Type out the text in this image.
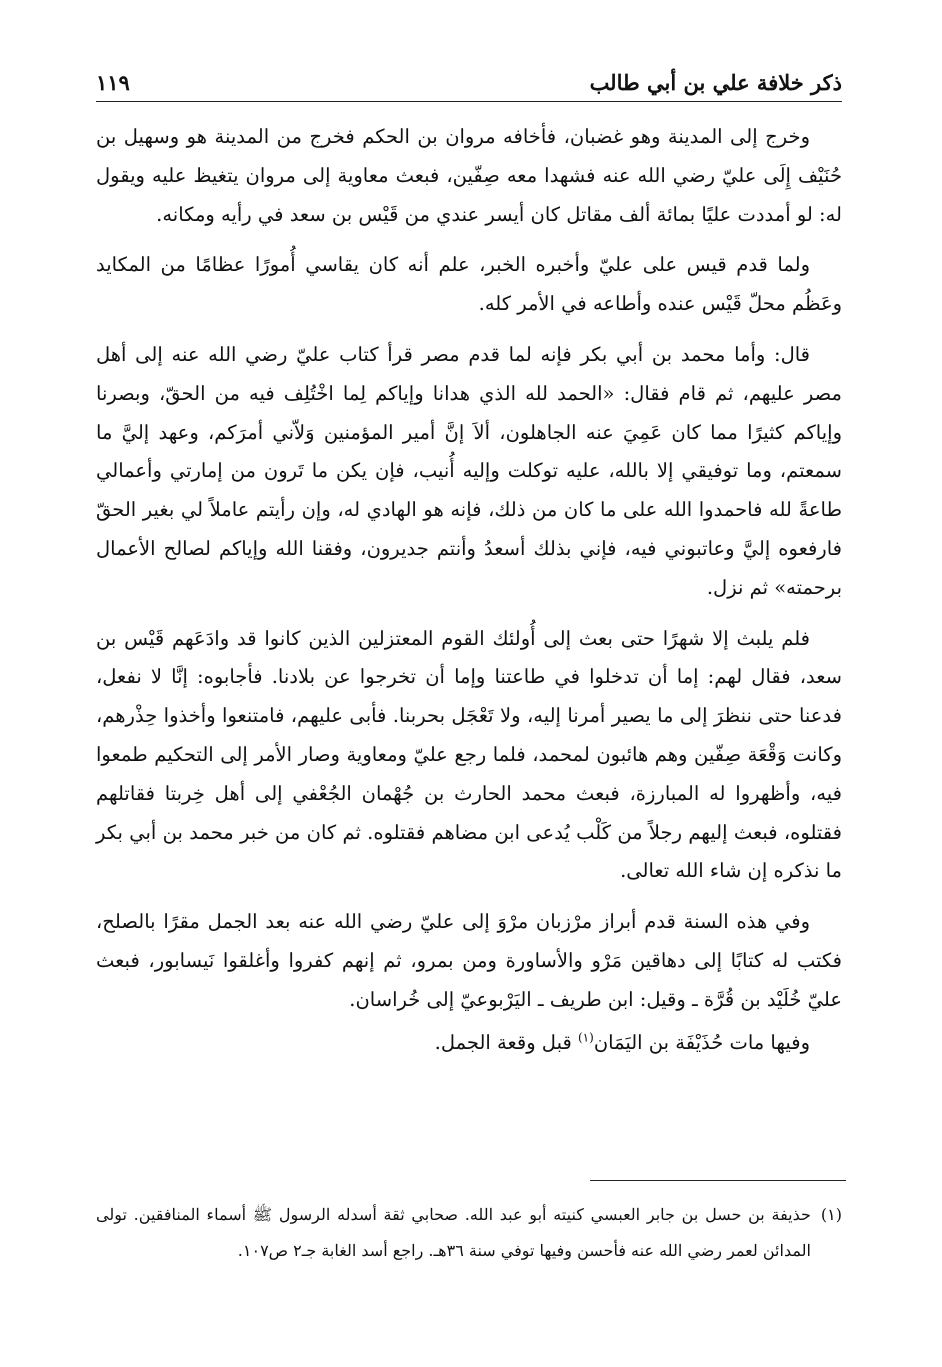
ذكر خلافة علي بن أبي طالب
١١٩

وخرج إلى المدينة وهو غضبان، فأخافه مروان بن الحكم فخرج من المدينة هو وسهيل بن حُنَيْف إِلَى عليّ رضي الله عنه فشهدا معه صِفّين، فبعث معاوية إلى مروان يتغيظ عليه ويقول له: لو أمددت عليًا بمائة ألف مقاتل كان أيسر عندي من قَيْس بن سعد في رأيه ومكانه.

ولما قدم قيس على عليّ وأخبره الخبر، علم أنه كان يقاسي أُمورًا عظامًا من المكايد وعَظُم محلّ قَيْس عنده وأطاعه في الأمر كله.

قال: وأما محمد بن أبي بكر فإنه لما قدم مصر قرأ كتاب عليّ رضي الله عنه إلى أهل مصر عليهم، ثم قام فقال: «الحمد لله الذي هدانا وإياكم لِما اخْتُلِف فيه من الحقّ، وبصرنا وإياكم كثيرًا مما كان عَمِيَ عنه الجاهلون، ألاَ إنَّ أمير المؤمنين وَلاّني أمرَكم، وعهد إليَّ ما سمعتم، وما توفيقي إلا بالله، عليه توكلت وإليه أُنيب، فإن يكن ما تَرون من إمارتي وأعمالي طاعةً لله فاحمدوا الله على ما كان من ذلك، فإنه هو الهادي له، وإن رأيتم عاملاً لي بغير الحقّ فارفعوه إليَّ وعاتبوني فيه، فإني بذلك أسعدُ وأنتم جديرون، وفقنا الله وإياكم لصالح الأعمال برحمته» ثم نزل.

فلم يلبث إلا شهرًا حتى بعث إلى أُولئك القوم المعتزلين الذين كانوا قد وادَعَهم قَيْس بن سعد، فقال لهم: إما أن تدخلوا في طاعتنا وإما أن تخرجوا عن بلادنا. فأجابوه: إنَّا لا نفعل، فدعنا حتى ننظرَ إلى ما يصير أمرنا إليه، ولا تَعْجَل بحربنا. فأبى عليهم، فامتنعوا وأخذوا حِذْرهم، وكانت وَقْعَة صِفّين وهم هائبون لمحمد، فلما رجع عليّ ومعاوية وصار الأمر إلى التحكيم طمعوا فيه، وأظهروا له المبارزة، فبعث محمد الحارث بن جُهْمان الجُعْفي إلى أهل خِربتا فقاتلهم فقتلوه، فبعث إليهم رجلاً من كَلْب يُدعى ابن مضاهم فقتلوه. ثم كان من خبر محمد بن أبي بكر ما نذكره إن شاء الله تعالى.

وفي هذه السنة قدم أبراز مرْزبان مرْوَ إلى عليّ رضي الله عنه بعد الجمل مقرًا بالصلح، فكتب له كتابًا إلى دهاقين مَرْو والأساورة ومن بمرو، ثم إنهم كفروا وأغلقوا نَيسابور، فبعث عليّ خُلَيْد بن قُرَّة ـ وقيل: ابن طريف ـ اليَرْبوعيّ إلى خُراسان.

وفيها مات حُذَيْفَة بن اليَمَان$^{(١)}$ قبل وقعة الجمل.

(١)
حذيفة بن حسل بن جابر العبسي كنيته أبو عبد الله. صحابي ثقة أسدله الرسول ﷺ أسماء المنافقين. تولى المدائن لعمر رضي الله عنه فأحسن وفيها توفي سنة ٣٦هـ. راجع أسد الغابة جـ٢ ص١٠٧.
